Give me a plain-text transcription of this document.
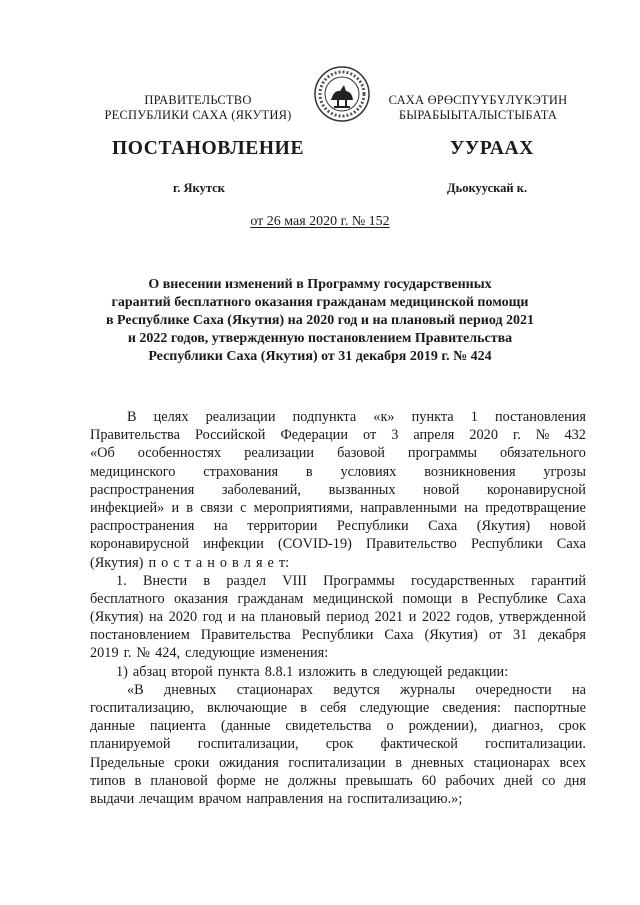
ПРАВИТЕЛЬСТВО
РЕСПУБЛИКИ САХА (ЯКУТИЯ)
САХА ӨРӨСПҮҮБҮЛҮКЭТИН
БЫРАБЫЫТАЛЫСТЫБАТА
ПОСТАНОВЛЕНИЕ	УУРААХ
г. Якутск	Дьокуускай к.
от 26 мая 2020 г. № 152
О внесении изменений в Программу государственных
гарантий бесплатного оказания гражданам медицинской помощи
в Республике Саха (Якутия) на 2020 год и на плановый период 2021
и 2022 годов, утвержденную постановлением Правительства
Республики Саха (Якутия) от 31 декабря 2019 г. № 424
В целях реализации подпункта «к» пункта 1 постановления
Правительства Российской Федерации от 3 апреля 2020 г. № 432
«Об особенностях реализации базовой программы обязательного
медицинского страхования в условиях возникновения угрозы
распространения заболеваний, вызванных новой коронавирусной
инфекцией» и в связи с мероприятиями, направленными на предотвращение
распространения на территории Республики Саха (Якутия) новой
коронавирусной инфекции (COVID-19) Правительство Республики Саха
(Якутия) п о с т а н о в л я е т:
1. Внести в раздел VIII Программы государственных гарантий
бесплатного оказания гражданам медицинской помощи в Республике Саха
(Якутия) на 2020 год и на плановый период 2021 и 2022 годов, утвержденной
постановлением Правительства Республики Саха (Якутия) от 31 декабря
2019 г. № 424, следующие изменения:
1) абзац второй пункта 8.8.1 изложить в следующей редакции:
«В дневных стационарах ведутся журналы очередности на
госпитализацию, включающие в себя следующие сведения: паспортные
данные пациента (данные свидетельства о рождении), диагноз, срок
планируемой госпитализации, срок фактической госпитализации.
Предельные сроки ожидания госпитализации в дневных стационарах всех
типов в плановой форме не должны превышать 60 рабочих дней со дня
выдачи лечащим врачом направления на госпитализацию.»;
